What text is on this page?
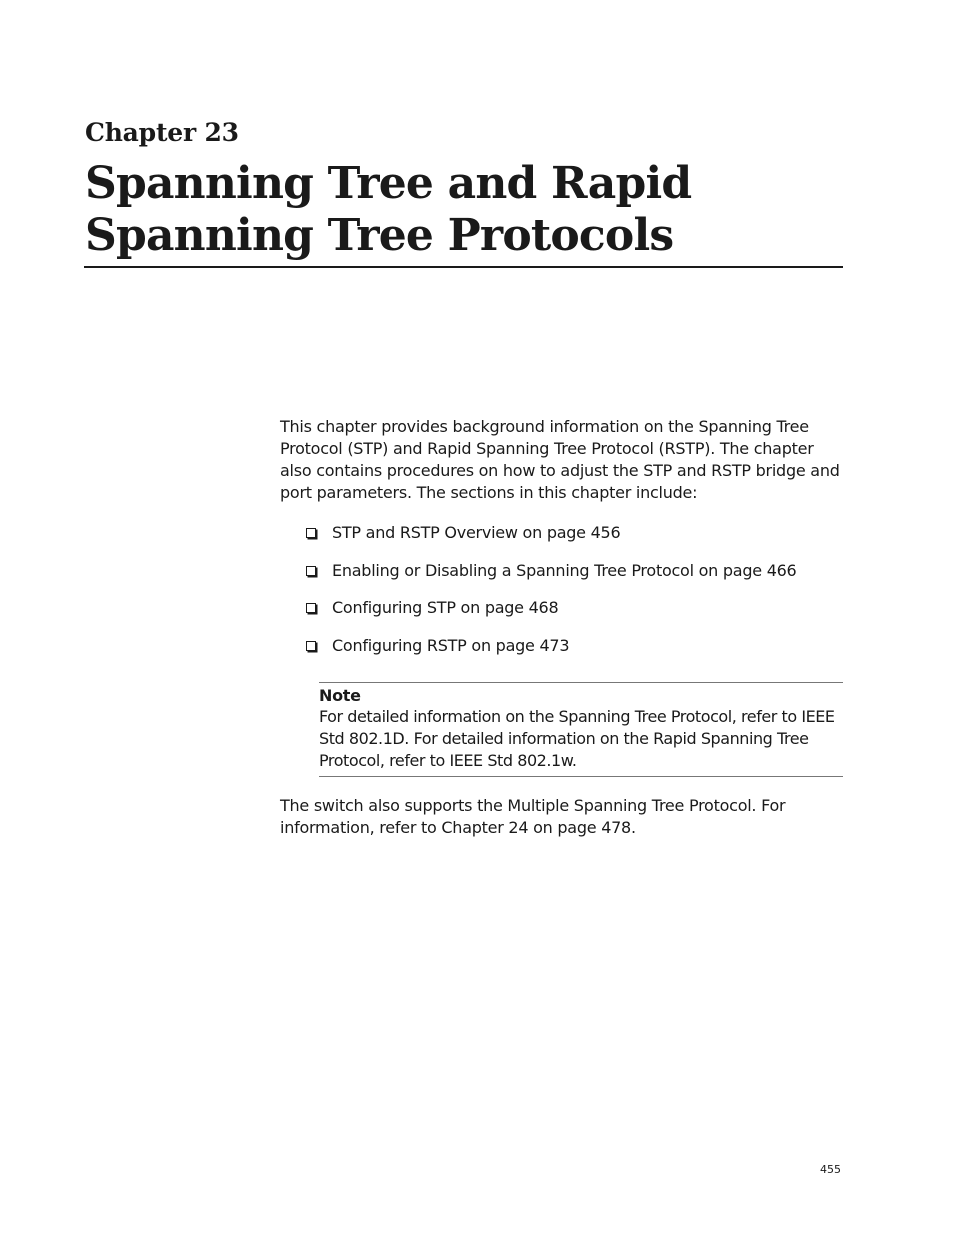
Chapter 23
Spanning Tree and Rapid Spanning Tree Protocols

This chapter provides background information on the Spanning Tree Protocol (STP) and Rapid Spanning Tree Protocol (RSTP). The chapter also contains procedures on how to adjust the STP and RSTP bridge and port parameters. The sections in this chapter include:

STP and RSTP Overview on page 456
Enabling or Disabling a Spanning Tree Protocol on page 466
Configuring STP on page 468
Configuring RSTP on page 473

Note

For detailed information on the Spanning Tree Protocol, refer to IEEE Std 802.1D. For detailed information on the Rapid Spanning Tree Protocol, refer to IEEE Std 802.1w.

The switch also supports the Multiple Spanning Tree Protocol. For information, refer to Chapter 24 on page 478.

455
